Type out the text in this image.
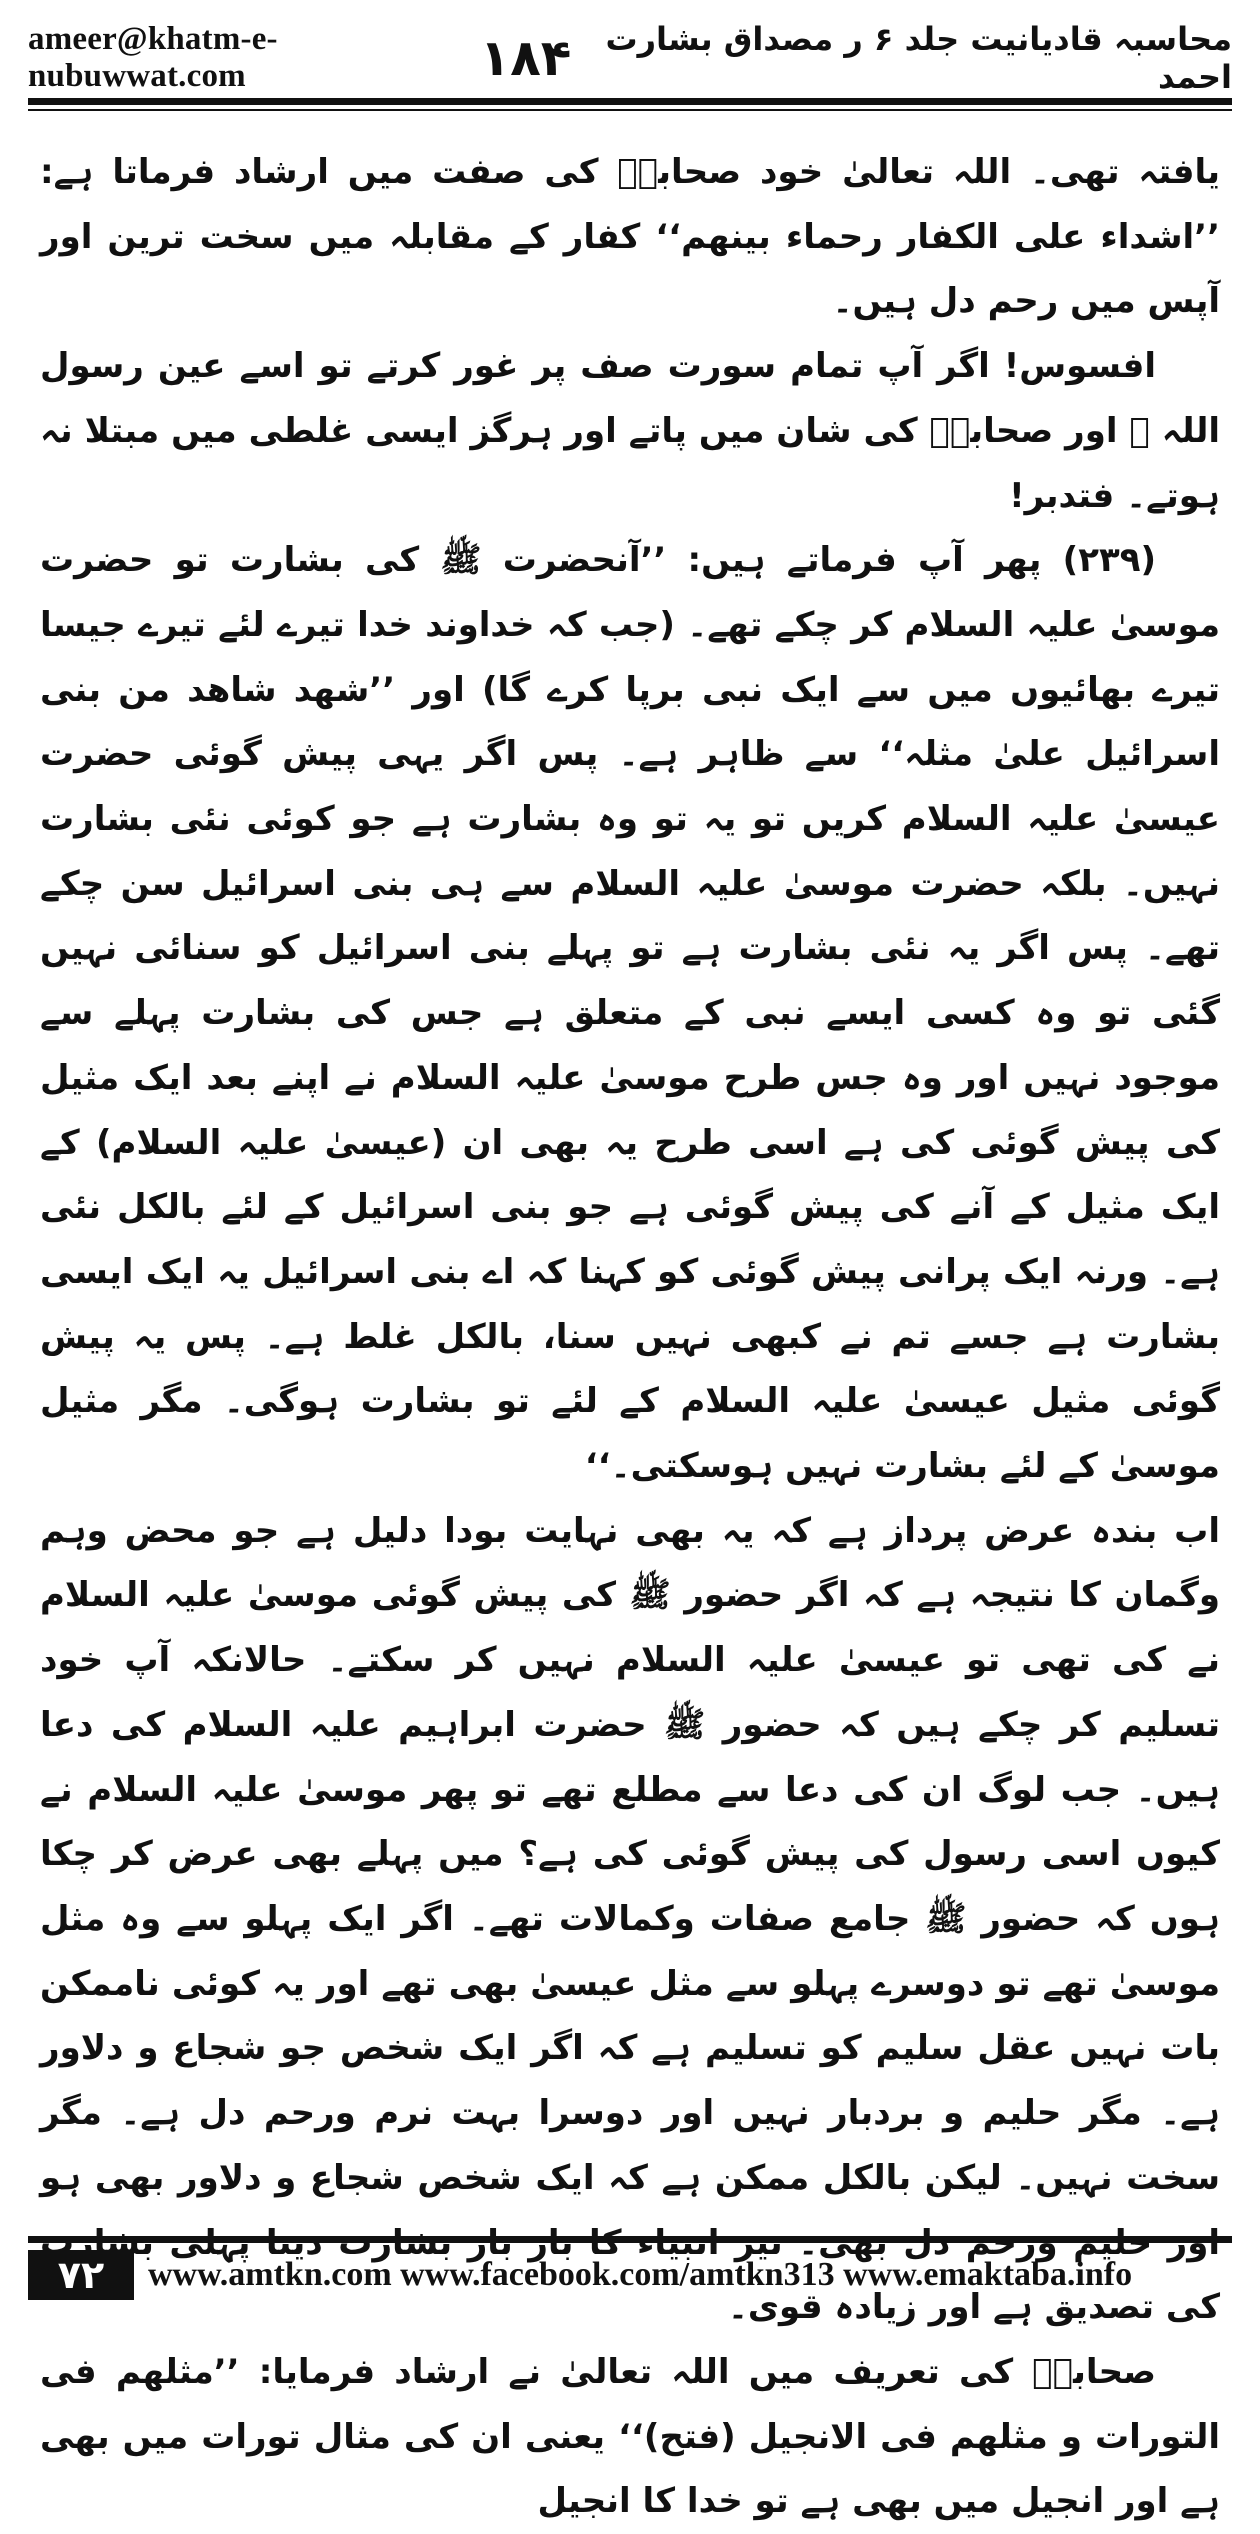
ameer@khatm-e-nubuwwat.com	۱۸۴	محاسبہ قادیانیت جلد ۶ ر مصداق بشارت احمد

یافتہ تھی۔ اللہ تعالیٰ خود صحابہؓ کی صفت میں ارشاد فرماتا ہے: ’’اشداء علی الکفار رحماء بینھم‘‘ کفار کے مقابلہ میں سخت ترین اور آپس میں رحم دل ہیں۔

افسوس! اگر آپ تمام سورت صف پر غور کرتے تو اسے عین رسول اللہ ﷺ اور صحابہؓ کی شان میں پاتے اور ہرگز ایسی غلطی میں مبتلا نہ ہوتے۔ فتدبر!

(۲۳۹) پھر آپ فرماتے ہیں: ’’آنحضرت ﷺ کی بشارت تو حضرت موسیٰ علیہ السلام کر چکے تھے۔ (جب کہ خداوند خدا تیرے لئے تیرے جیسا تیرے بھائیوں میں سے ایک نبی برپا کرے گا) اور ’’شھد شاھد من بنی اسرائیل علیٰ مثلہ‘‘ سے ظاہر ہے۔ پس اگر یہی پیش گوئی حضرت عیسیٰ علیہ السلام کریں تو یہ تو وہ بشارت ہے جو کوئی نئی بشارت نہیں۔ بلکہ حضرت موسیٰ علیہ السلام سے ہی بنی اسرائیل سن چکے تھے۔ پس اگر یہ نئی بشارت ہے تو پہلے بنی اسرائیل کو سنائی نہیں گئی تو وہ کسی ایسے نبی کے متعلق ہے جس کی بشارت پہلے سے موجود نہیں اور وہ جس طرح موسیٰ علیہ السلام نے اپنے بعد ایک مثیل کی پیش گوئی کی ہے اسی طرح یہ بھی ان (عیسیٰ علیہ السلام) کے ایک مثیل کے آنے کی پیش گوئی ہے جو بنی اسرائیل کے لئے بالکل نئی ہے۔ ورنہ ایک پرانی پیش گوئی کو کہنا کہ اے بنی اسرائیل یہ ایک ایسی بشارت ہے جسے تم نے کبھی نہیں سنا، بالکل غلط ہے۔ پس یہ پیش گوئی مثیل عیسیٰ علیہ السلام کے لئے تو بشارت ہوگی۔ مگر مثیل موسیٰ کے لئے بشارت نہیں ہوسکتی۔‘‘

اب بندہ عرض پرداز ہے کہ یہ بھی نہایت بودا دلیل ہے جو محض وہم وگمان کا نتیجہ ہے کہ اگر حضور ﷺ کی پیش گوئی موسیٰ علیہ السلام نے کی تھی تو عیسیٰ علیہ السلام نہیں کر سکتے۔ حالانکہ آپ خود تسلیم کر چکے ہیں کہ حضور ﷺ حضرت ابراہیم علیہ السلام کی دعا ہیں۔ جب لوگ ان کی دعا سے مطلع تھے تو پھر موسیٰ علیہ السلام نے کیوں اسی رسول کی پیش گوئی کی ہے؟ میں پہلے بھی عرض کر چکا ہوں کہ حضور ﷺ جامع صفات وکمالات تھے۔ اگر ایک پہلو سے وہ مثل موسیٰ تھے تو دوسرے پہلو سے مثل عیسیٰ بھی تھے اور یہ کوئی ناممکن بات نہیں عقل سلیم کو تسلیم ہے کہ اگر ایک شخص جو شجاع و دلاور ہے۔ مگر حلیم و بردبار نہیں اور دوسرا بہت نرم ورحم دل ہے۔ مگر سخت نہیں۔ لیکن بالکل ممکن ہے کہ ایک شخص شجاع و دلاور بھی ہو کی تصدیق ہے اور زیادہ قوی۔

صحابہؓ کی تعریف میں اللہ تعالیٰ نے ارشاد فرمایا: ’’مثلھم فی التورات و مثلھم فی الانجیل (فتح)‘‘ یعنی ان کی مثال تورات میں بھی ہے اور انجیل میں بھی ہے تو خدا کا انجیل

۷۲	www.amtkn.com www.facebook.com/amtkn313 www.emaktaba.info
